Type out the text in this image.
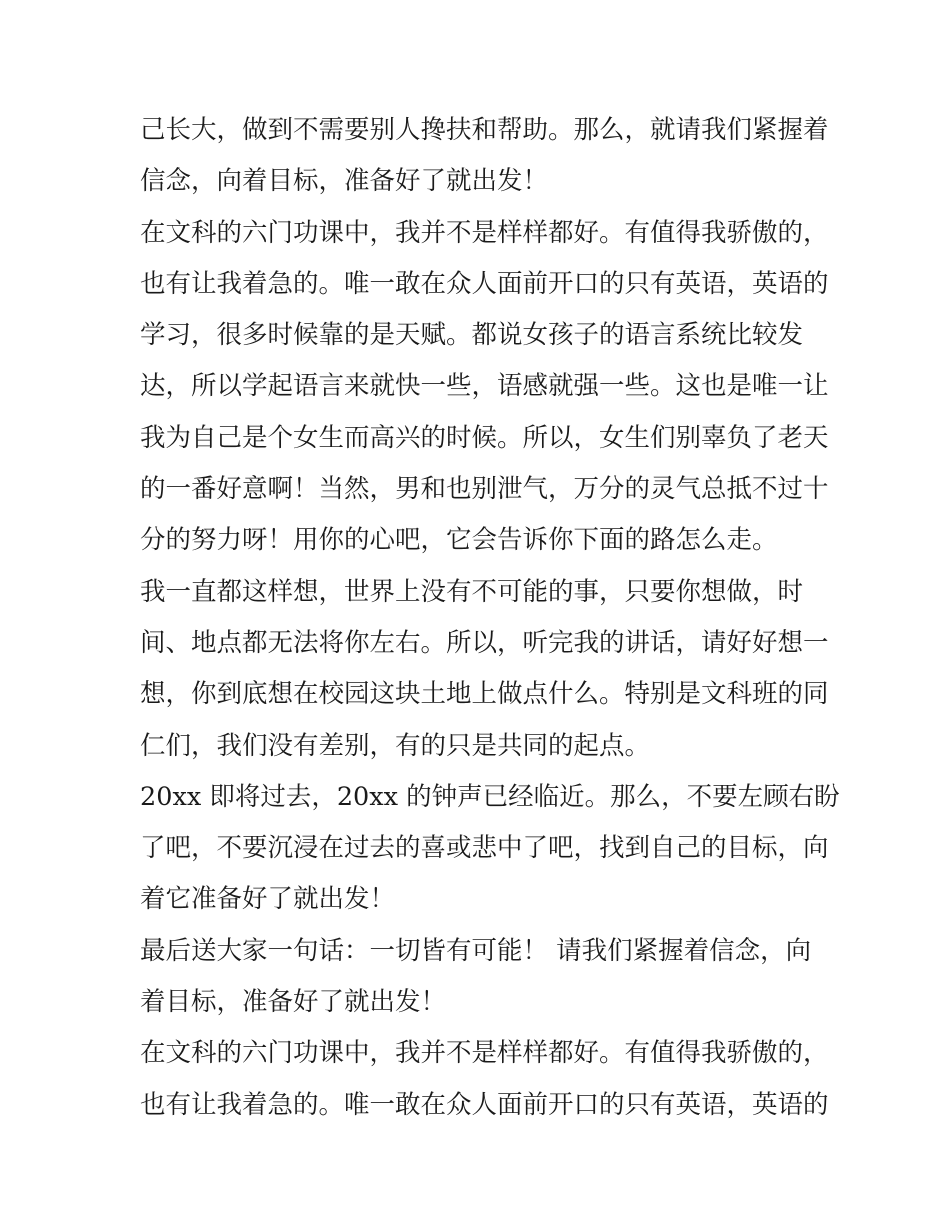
己长大，做到不需要别人搀扶和帮助。那么，就请我们紧握着
信念，向着目标，准备好了就出发！
在文科的六门功课中，我并不是样样都好。有值得我骄傲的，
也有让我着急的。唯一敢在众人面前开口的只有英语，英语的
学习，很多时候靠的是天赋。都说女孩子的语言系统比较发
达，所以学起语言来就快一些，语感就强一些。这也是唯一让
我为自己是个女生而高兴的时候。所以，女生们别辜负了老天
的一番好意啊！当然，男和也别泄气，万分的灵气总抵不过十
分的努力呀！用你的心吧，它会告诉你下面的路怎么走。
我一直都这样想，世界上没有不可能的事，只要你想做，时
间、地点都无法将你左右。所以，听完我的讲话，请好好想一
想，你到底想在校园这块土地上做点什么。特别是文科班的同
仁们，我们没有差别，有的只是共同的起点。
20xx 即将过去，20xx 的钟声已经临近。那么，不要左顾右盼
了吧，不要沉浸在过去的喜或悲中了吧，找到自己的目标，向
着它准备好了就出发！
最后送大家一句话：一切皆有可能！ 请我们紧握着信念，向
着目标，准备好了就出发！
在文科的六门功课中，我并不是样样都好。有值得我骄傲的，
也有让我着急的。唯一敢在众人面前开口的只有英语，英语的
